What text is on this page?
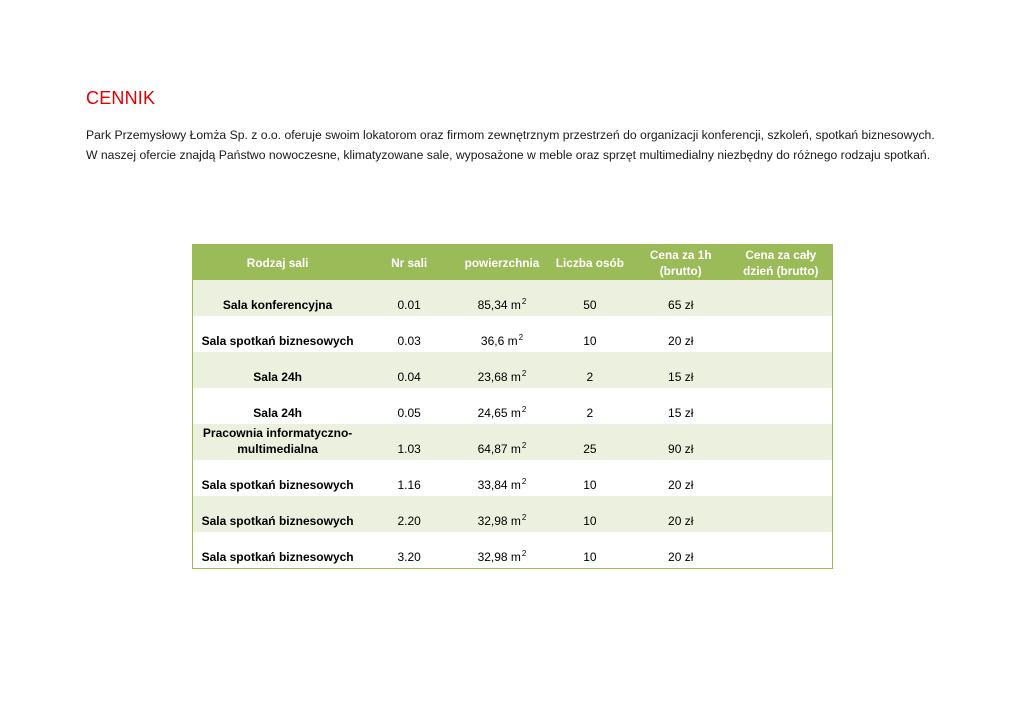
CENNIK

Park Przemysłowy Łomża Sp. z o.o. oferuje swoim lokatorom oraz firmom zewnętrznym przestrzeń do organizacji konferencji, szkoleń, spotkań biznesowych.

W naszej ofercie znajdą Państwo nowoczesne, klimatyzowane sale, wyposażone w meble oraz sprzęt multimedialny niezbędny do różnego rodzaju spotkań.

Rodzaj sali	Nr sali	powierzchnia	Liczba osób	Cena za 1h (brutto)	Cena za cały dzień (brutto)
Sala konferencyjna	0.01	85,34 $m^2$	50	65 zł	
Sala spotkań biznesowych	0.03	36,6 $m^2$	10	20 zł	
Sala 24h	0.04	23,68 $m^2$	2	15 zł	
Sala 24h	0.05	24,65 $m^2$	2	15 zł	
Pracownia informatyczno-multimedialna	1.03	64,87 $m^2$	25	90 zł	
Sala spotkań biznesowych	1.16	33,84 $m^2$	10	20 zł	
Sala spotkań biznesowych	2.20	32,98 $m^2$	10	20 zł	
Sala spotkań biznesowych	3.20	32,98 $m^2$	10	20 zł	
